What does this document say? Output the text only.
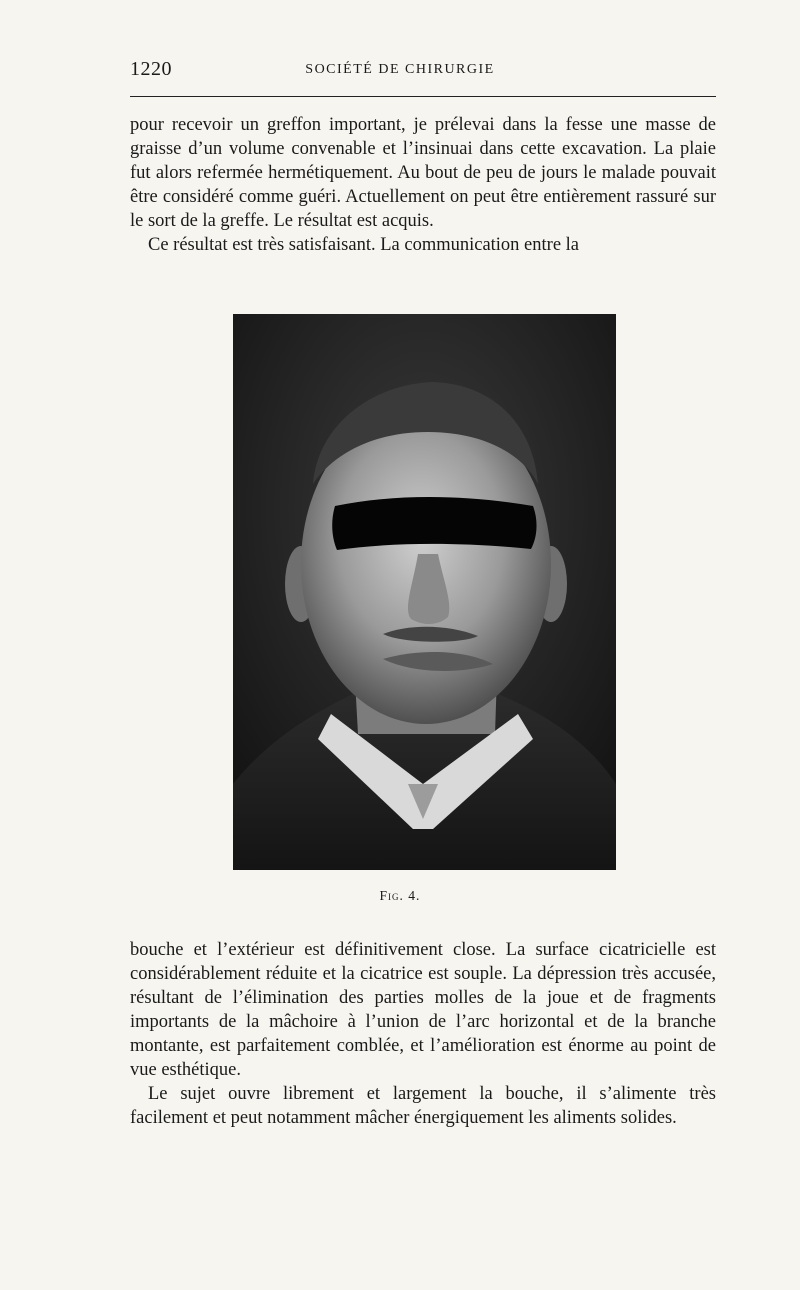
1220	SOCIÉTÉ DE CHIRURGIE

pour recevoir un greffon important, je prélevai dans la fesse une masse de graisse d’un volume convenable et l’insinuai dans cette excavation. La plaie fut alors refermée hermétiquement. Au bout de peu de jours le malade pouvait être considéré comme guéri. Actuellement on peut être entièrement rassuré sur le sort de la greffe. Le résultat est acquis.

Ce résultat est très satisfaisant. La communication entre la

Fig. 4.

bouche et l’extérieur est définitivement close. La surface cicatricielle est considérablement réduite et la cicatrice est souple. La dépression très accusée, résultant de l’élimination des parties molles de la joue et de fragments importants de la mâchoire à l’union de l’arc horizontal et de la branche montante, est parfaitement comblée, et l’amélioration est énorme au point de vue esthétique.

Le sujet ouvre librement et largement la bouche, il s’alimente très facilement et peut notamment mâcher énergiquement les aliments solides.
